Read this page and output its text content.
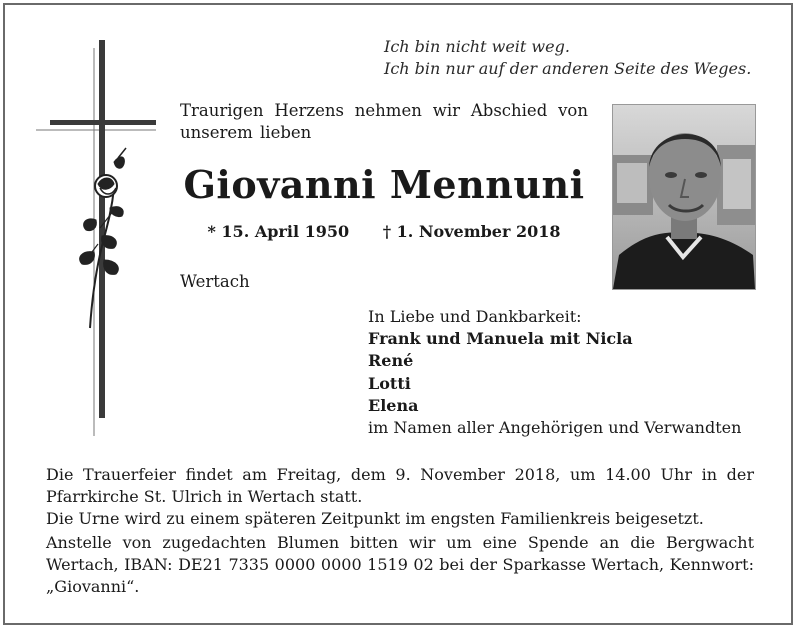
Ich bin nicht weit weg.
Ich bin nur auf der anderen Seite des Weges.

Traurigen Herzens nehmen wir Abschied von unserem lieben

Giovanni Mennuni
* 15. April 1950 † 1. November 2018
Wertach
In Liebe und Dankbarkeit:
Frank und Manuela mit Nicla
René
Lotti
Elena
im Namen aller Angehörigen und Verwandten

Die Trauerfeier findet am Freitag, dem 9. November 2018, um 14.00 Uhr in der Pfarrkirche St. Ulrich in Wertach statt.

Die Urne wird zu einem späteren Zeitpunkt im engsten Familienkreis beigesetzt.

Anstelle von zugedachten Blumen bitten wir um eine Spende an die Bergwacht Wertach, IBAN: DE21 7335 0000 0000 1519 02 bei der Sparkasse Wertach, Kennwort: „Giovanni“.
